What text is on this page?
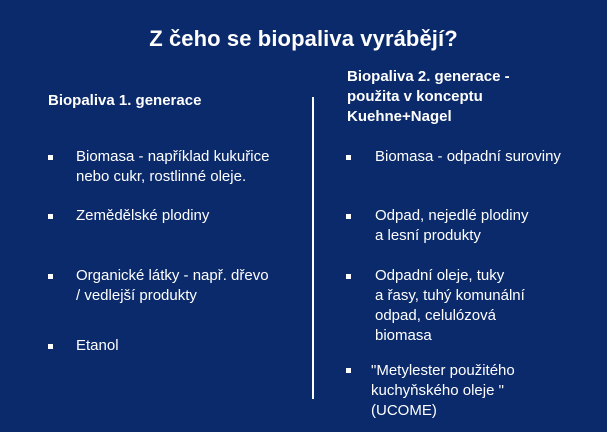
Z čeho se biopaliva vyrábějí?
Biopaliva 1. generace
Biopaliva 2. generace -
použita v konceptu
Kuehne+Nagel
Biomasa - například kukuřice
nebo cukr, rostlinné oleje.
Zemědělské plodiny
Organické látky - např. dřevo
/ vedlejší produkty
Etanol
Biomasa - odpadní suroviny
Odpad, nejedlé plodiny
a lesní produkty
Odpadní oleje, tuky
a řasy, tuhý komunální
odpad, celulózová
biomasa
"Metylester použitého
kuchyňského oleje "
(UCOME)
